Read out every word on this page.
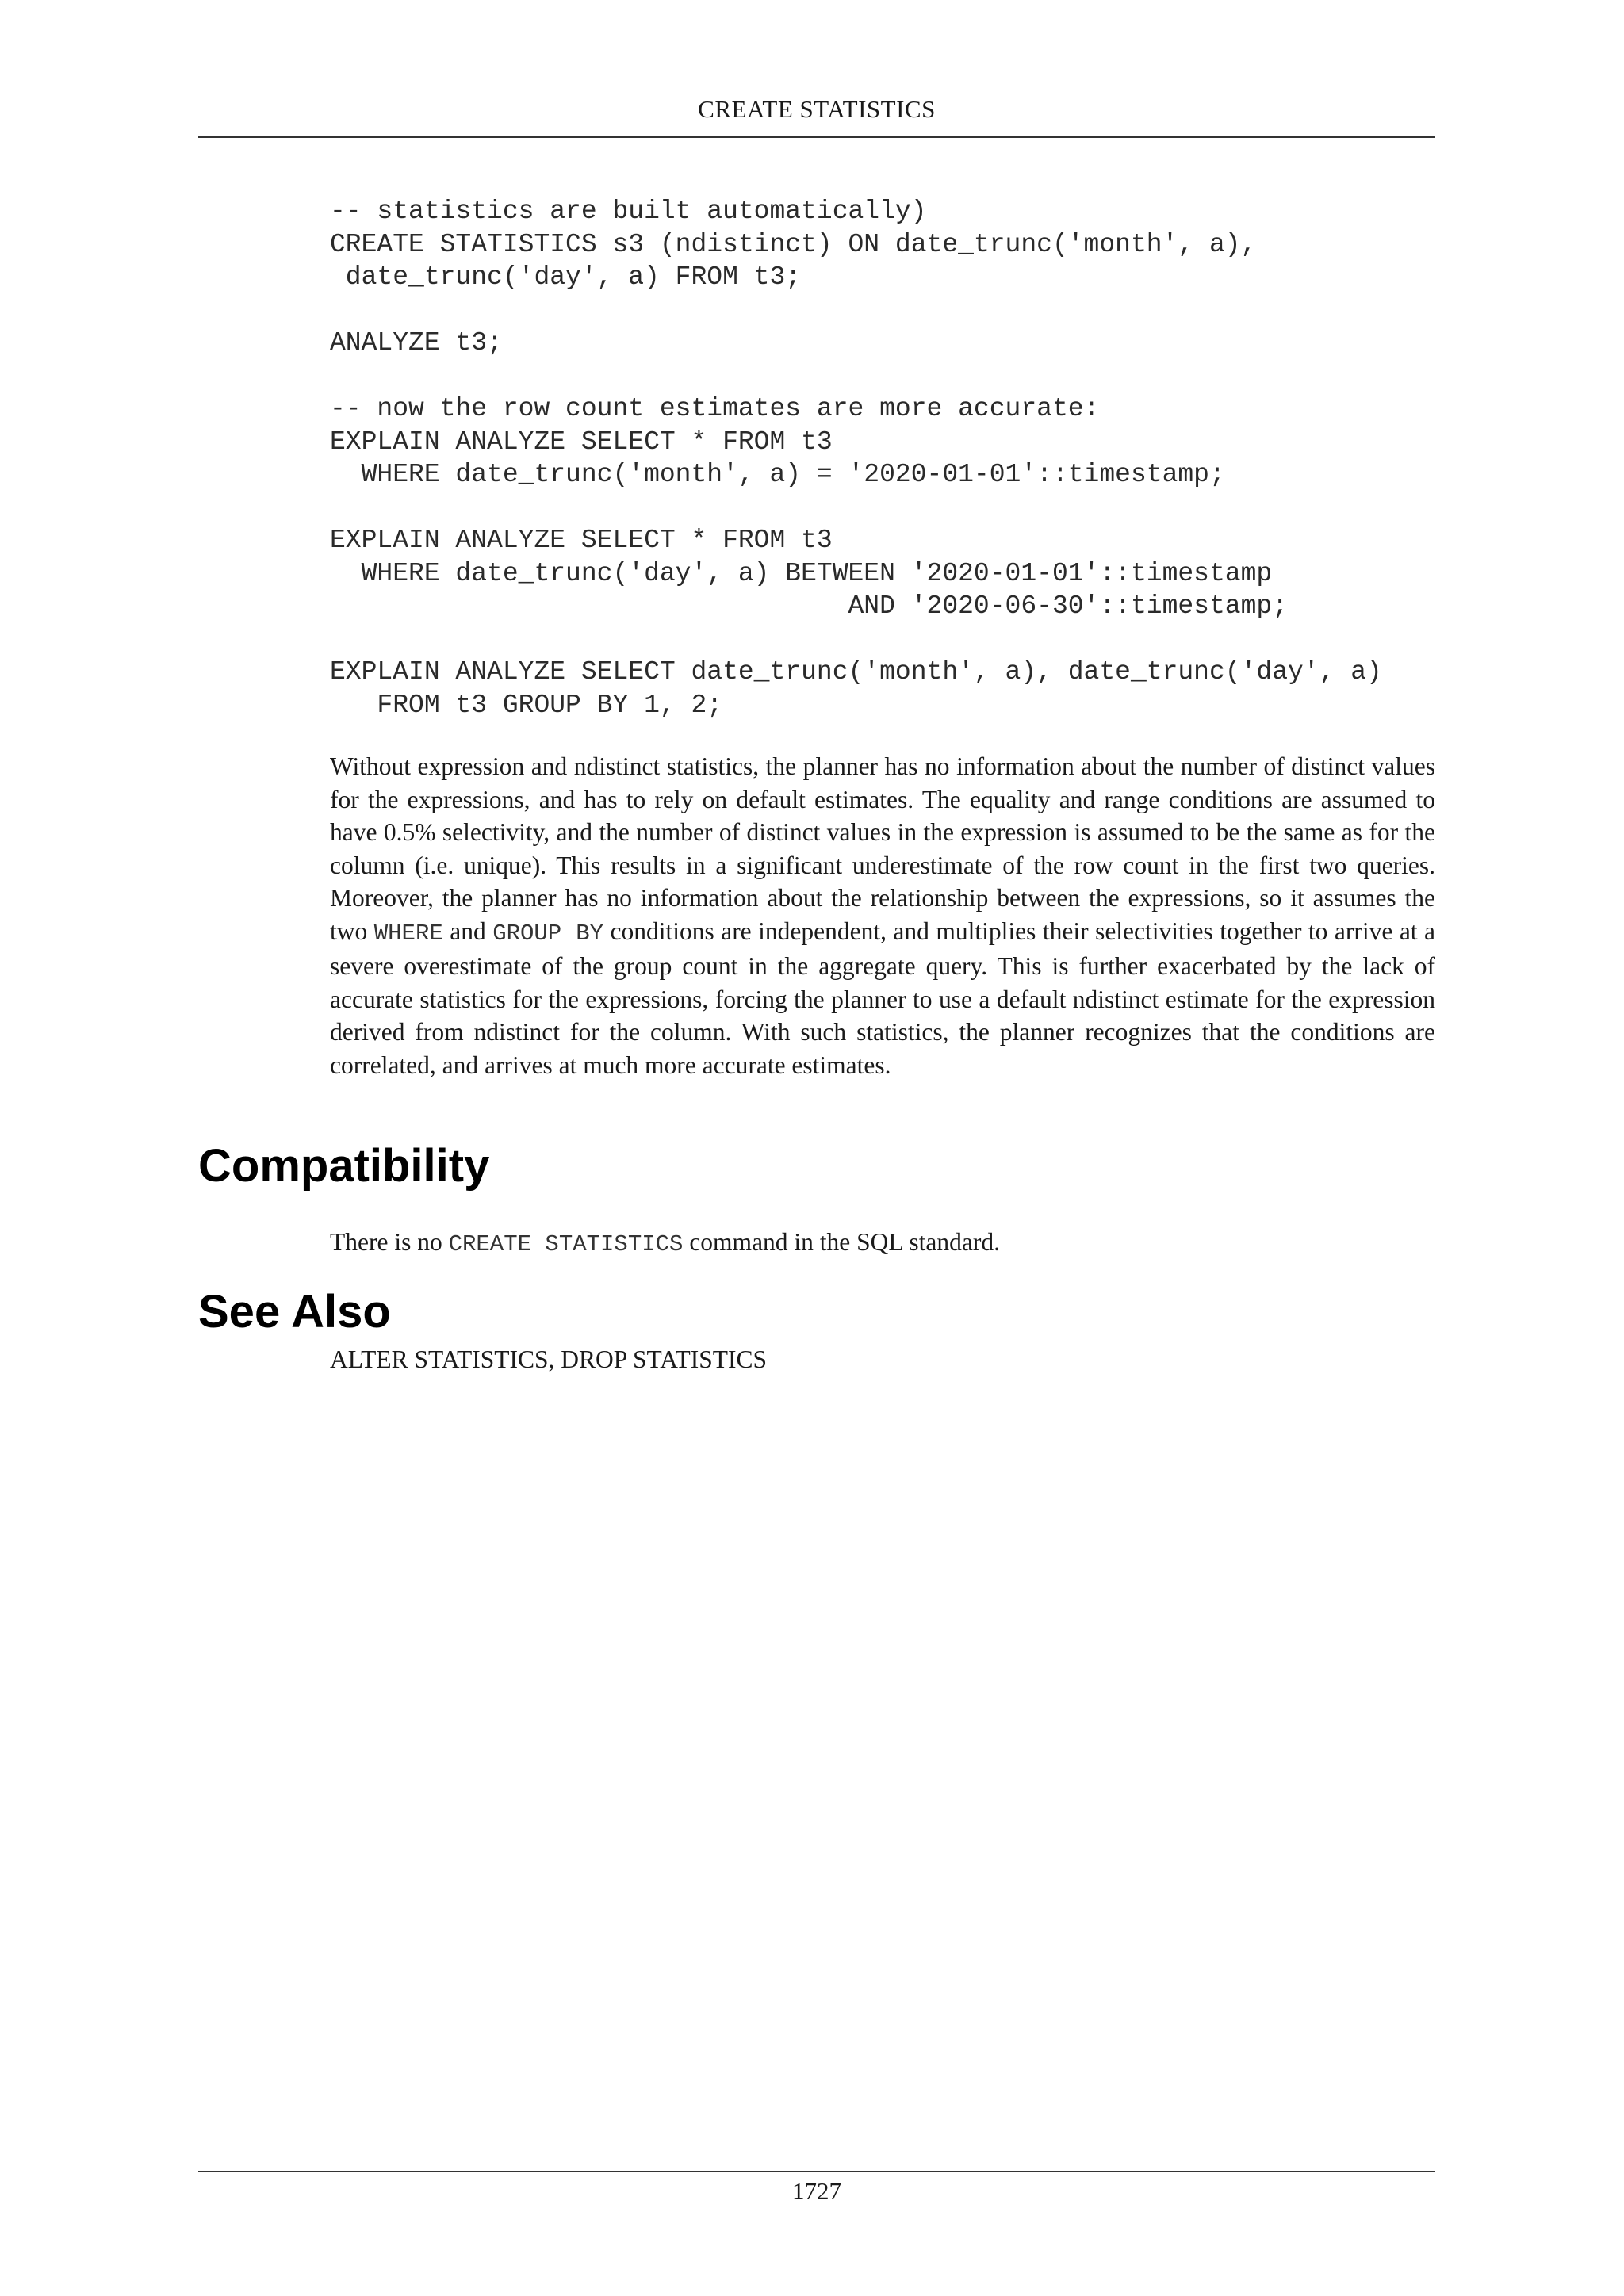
CREATE STATISTICS
-- statistics are built automatically)
CREATE STATISTICS s3 (ndistinct) ON date_trunc('month', a),
date_trunc('day', a) FROM t3;

ANALYZE t3;

-- now the row count estimates are more accurate:
EXPLAIN ANALYZE SELECT * FROM t3
WHERE date_trunc('month', a) = '2020-01-01'::timestamp;

EXPLAIN ANALYZE SELECT * FROM t3
WHERE date_trunc('day', a) BETWEEN '2020-01-01'::timestamp
AND '2020-06-30'::timestamp;

EXPLAIN ANALYZE SELECT date_trunc('month', a), date_trunc('day', a)
FROM t3 GROUP BY 1, 2;

Without expression and ndistinct statistics, the planner has no information about the number of distinct values for the expressions, and has to rely on default estimates. The equality and range conditions are assumed to have 0.5% selectivity, and the number of distinct values in the expression is assumed to be the same as for the column (i.e. unique). This results in a significant underestimate of the row count in the first two queries. Moreover, the planner has no information about the relationship between the expressions, so it assumes the two WHERE and GROUP BY conditions are independent, and multiplies their selectivities together to arrive at a severe overestimate of the group count in the aggregate query. This is further exacerbated by the lack of accurate statistics for the expressions, forcing the planner to use a default ndistinct estimate for the expression derived from ndistinct for the column. With such statistics, the planner recognizes that the conditions are correlated, and arrives at much more accurate estimates.

Compatibility

There is no CREATE STATISTICS command in the SQL standard.

See Also

ALTER STATISTICS, DROP STATISTICS

1727
